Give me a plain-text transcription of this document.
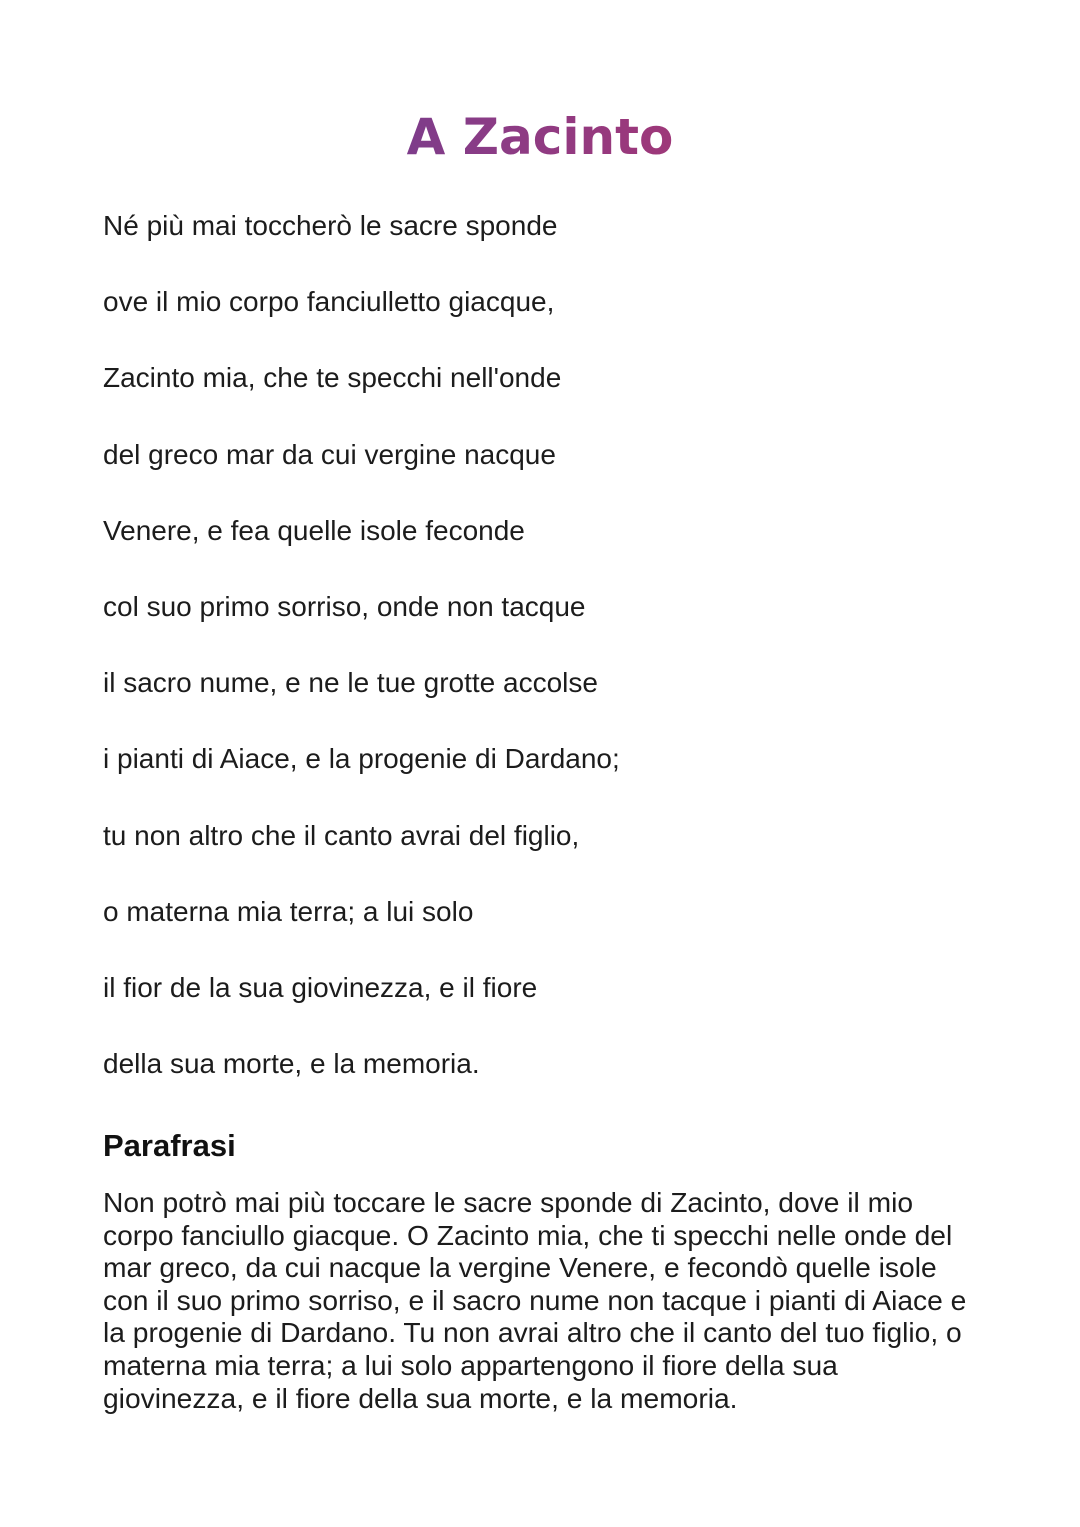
A Zacinto
Né più mai toccherò le sacre sponde
ove il mio corpo fanciulletto giacque,
Zacinto mia, che te specchi nell'onde
del greco mar da cui vergine nacque
Venere, e fea quelle isole feconde
col suo primo sorriso, onde non tacque
il sacro nume, e ne le tue grotte accolse
i pianti di Aiace, e la progenie di Dardano;
tu non altro che il canto avrai del figlio,
o materna mia terra; a lui solo
il fior de la sua giovinezza, e il fiore
della sua morte, e la memoria.
Parafrasi

Non potrò mai più toccare le sacre sponde di Zacinto, dove il mio corpo fanciullo giacque. O Zacinto mia, che ti specchi nelle onde del mar greco, da cui nacque la vergine Venere, e fecondò quelle isole con il suo primo sorriso, e il sacro nume non tacque i pianti di Aiace e la progenie di Dardano. Tu non avrai altro che il canto del tuo figlio, o materna mia terra; a lui solo appartengono il fiore della sua giovinezza, e il fiore della sua morte, e la memoria.
